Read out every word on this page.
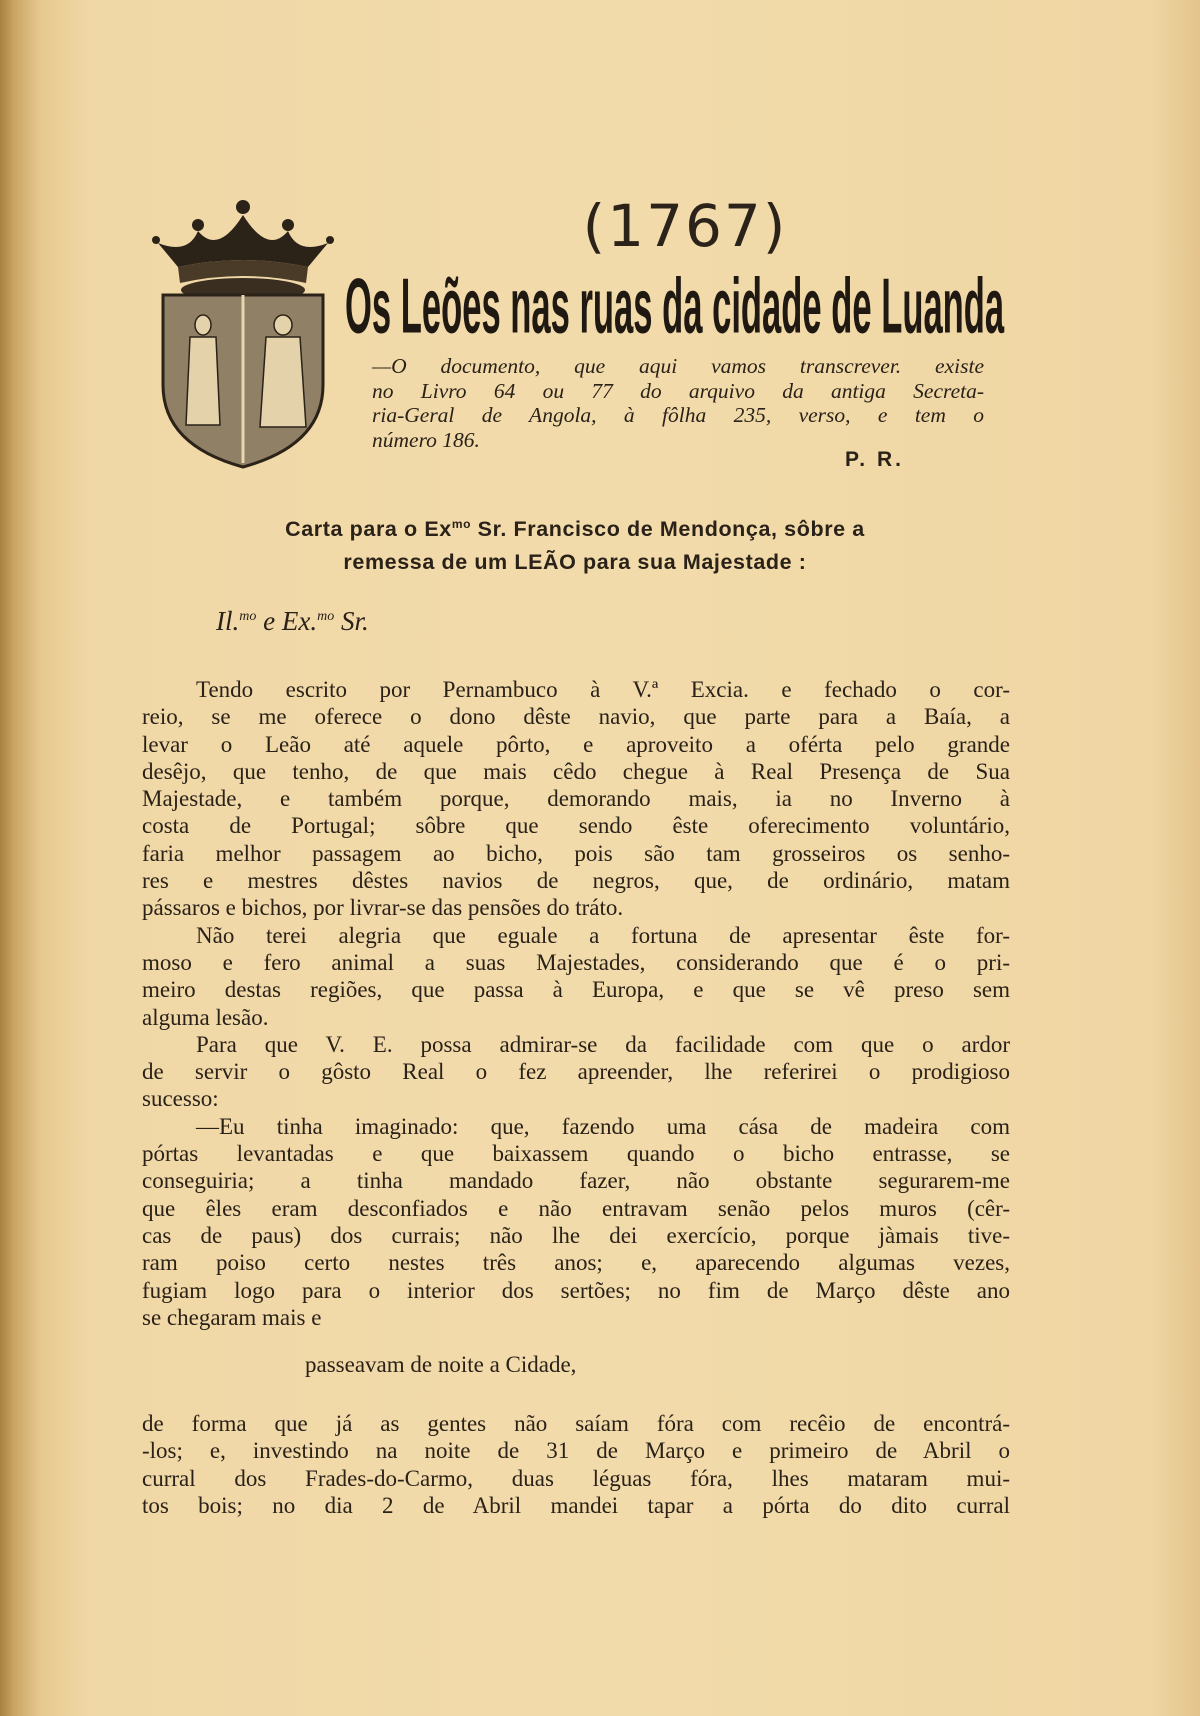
(1767)
Os Leões nas ruas da cidade de Luanda
—O documento, que aqui vamos transcrever. existe
no Livro 64 ou 77 do arquivo da antiga Secreta-
ria-Geral de Angola, à fôlha 235, verso, e tem o
número 186.
P. R.
Carta para o $Ex^{mo}$ Sr. Francisco de Mendonça, sôbre a
remessa de um LEÃO para sua Majestade :
Il.$^{mo}$ e Ex.$^{mo}$ Sr.
Tendo escrito por Pernambuco à V.ª Excia. e fechado o cor-
reio, se me oferece o dono dêste navio, que parte para a Baía, a
levar o Leão até aquele pôrto, e aproveito a oférta pelo grande
desêjo, que tenho, de que mais cêdo chegue à Real Presença de Sua
Majestade, e também porque, demorando mais, ia no Inverno à
costa de Portugal; sôbre que sendo êste oferecimento voluntário,
faria melhor passagem ao bicho, pois são tam grosseiros os senho-
res e mestres dêstes navios de negros, que, de ordinário, matam
pássaros e bichos, por livrar-se das pensões do tráto.
Não terei alegria que eguale a fortuna de apresentar êste for-
moso e fero animal a suas Majestades, considerando que é o pri-
meiro destas regiões, que passa à Europa, e que se vê preso sem
alguma lesão.
Para que V. E. possa admirar-se da facilidade com que o ardor
de servir o gôsto Real o fez apreender, lhe referirei o prodigioso
sucesso:
—Eu tinha imaginado: que, fazendo uma cása de madeira com
pórtas levantadas e que baixassem quando o bicho entrasse, se
conseguiria; a tinha mandado fazer, não obstante segurarem-me
que êles eram desconfiados e não entravam senão pelos muros (cêr-
cas de paus) dos currais; não lhe dei exercício, porque jàmais tive-
ram poiso certo nestes três anos; e, aparecendo algumas vezes,
fugiam logo para o interior dos sertões; no fim de Março dêste ano
se chegaram mais e
passeavam de noite a Cidade,
de forma que já as gentes não saíam fóra com recêio de encontrá-
-los; e, investindo na noite de 31 de Março e primeiro de Abril o
curral dos Frades-do-Carmo, duas léguas fóra, lhes mataram mui-
tos bois; no dia 2 de Abril mandei tapar a pórta do dito curral
